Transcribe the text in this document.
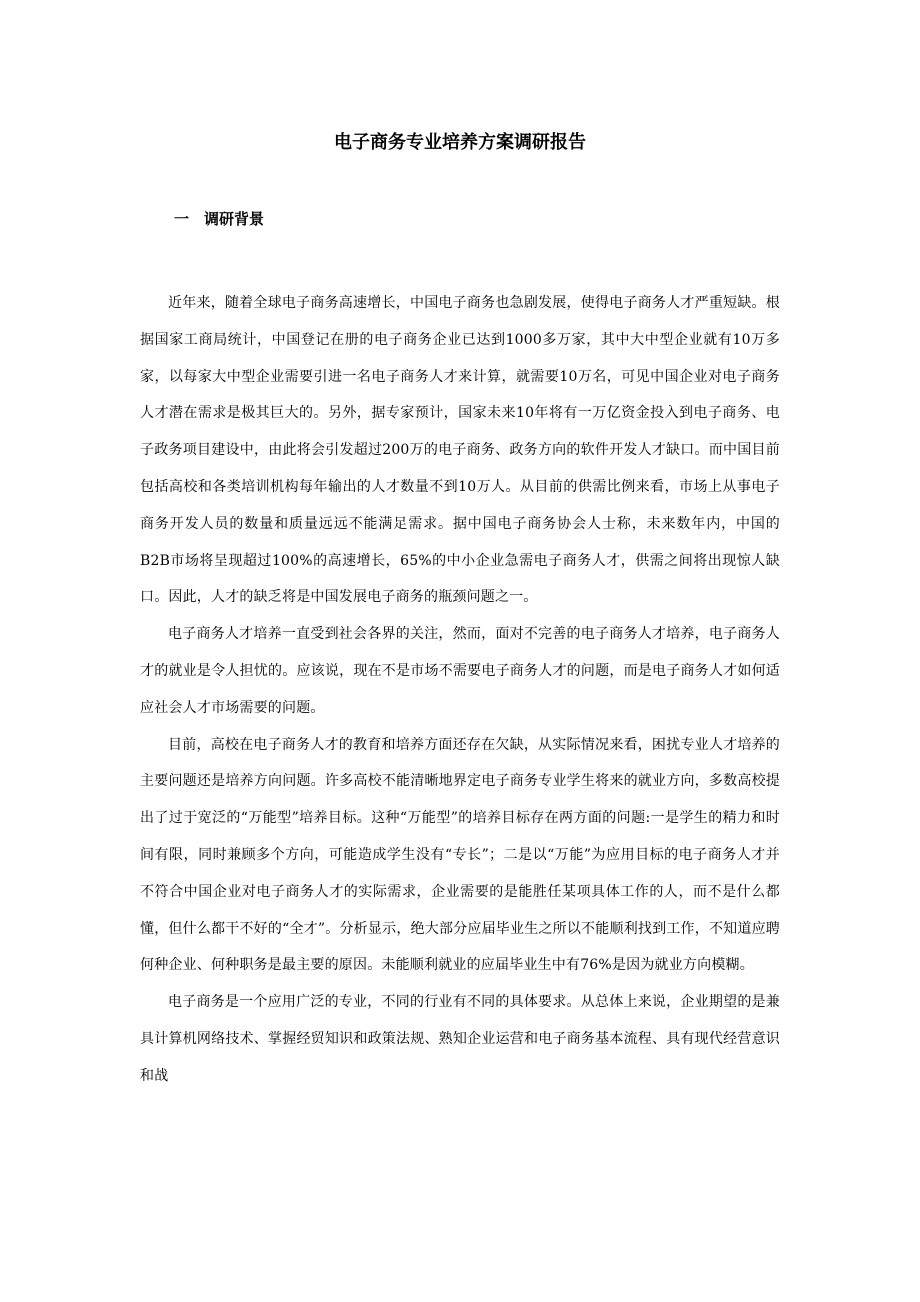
电子商务专业培养方案调研报告
一 调研背景

近年来，随着全球电子商务高速增长，中国电子商务也急剧发展，使得电子商务人才严重短缺。根据国家工商局统计，中国登记在册的电子商务企业已达到1000多万家，其中大中型企业就有10万多家，以每家大中型企业需要引进一名电子商务人才来计算，就需要10万名，可见中国企业对电子商务人才潜在需求是极其巨大的。另外，据专家预计，国家未来10年将有一万亿资金投入到电子商务、电子政务项目建设中，由此将会引发超过200万的电子商务、政务方向的软件开发人才缺口。而中国目前包括高校和各类培训机构每年输出的人才数量不到10万人。从目前的供需比例来看，市场上从事电子商务开发人员的数量和质量远远不能满足需求。据中国电子商务协会人士称，未来数年内，中国的B2B市场将呈现超过100%的高速增长，65%的中小企业急需电子商务人才，供需之间将出现惊人缺口。因此，人才的缺乏将是中国发展电子商务的瓶颈问题之一。

电子商务人才培养一直受到社会各界的关注，然而，面对不完善的电子商务人才培养，电子商务人才的就业是令人担忧的。应该说，现在不是市场不需要电子商务人才的问题，而是电子商务人才如何适应社会人才市场需要的问题。

目前，高校在电子商务人才的教育和培养方面还存在欠缺，从实际情况来看，困扰专业人才培养的主要问题还是培养方向问题。许多高校不能清晰地界定电子商务专业学生将来的就业方向，多数高校提出了过于宽泛的“万能型”培养目标。这种“万能型”的培养目标存在两方面的问题:一是学生的精力和时间有限，同时兼顾多个方向，可能造成学生没有“专长”；二是以“万能”为应用目标的电子商务人才并不符合中国企业对电子商务人才的实际需求，企业需要的是能胜任某项具体工作的人，而不是什么都懂，但什么都干不好的“全才”。分析显示，绝大部分应届毕业生之所以不能顺利找到工作，不知道应聘何种企业、何种职务是最主要的原因。未能顺利就业的应届毕业生中有76%是因为就业方向模糊。

电子商务是一个应用广泛的专业，不同的行业有不同的具体要求。从总体上来说，企业期望的是兼具计算机网络技术、掌握经贸知识和政策法规、熟知企业运营和电子商务基本流程、具有现代经营意识和战
